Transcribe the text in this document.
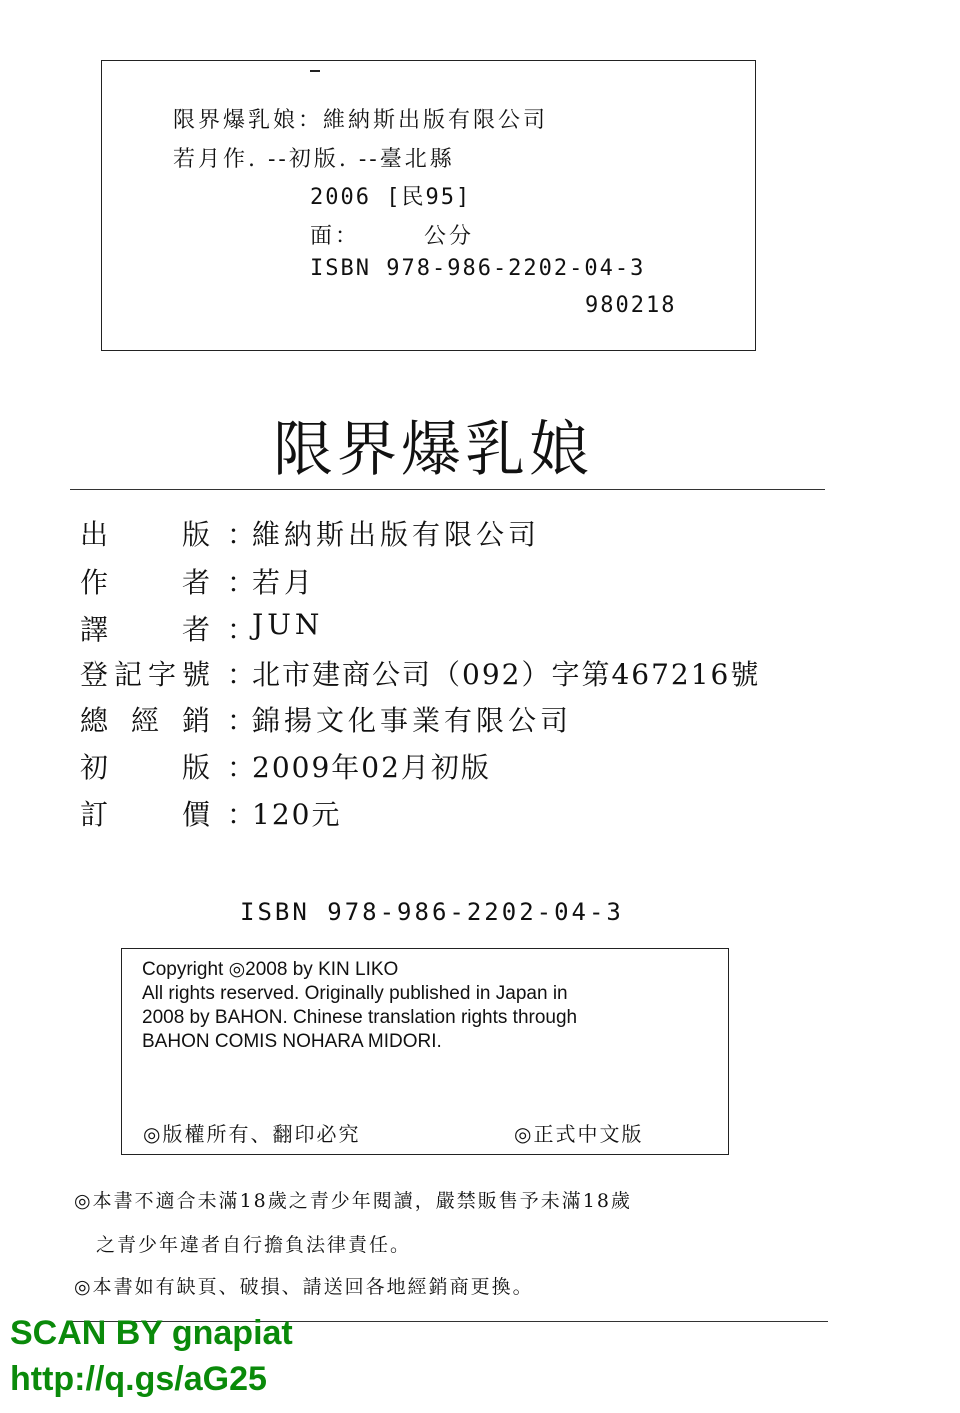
限界爆乳娘：維納斯出版有限公司
若月作. --初版. --臺北縣
2006 [民95]
面：　　　公分
ISBN 978-986-2202-04-3
980218
限界爆乳娘
出	版 ：
維納斯出版有限公司
作	者 ：
若月
譯	者 ：
JUN
登 記 字 號 ：
北市建商公司（092）字第467216號
總 經 銷 ：
錦揚文化事業有限公司
初	版 ：
2009年02月初版
訂	價 ：
120元
ISBN 978-986-2202-04-3
Copyright ◎2008 by KIN LIKO
All rights reserved. Originally published in Japan in
2008 by BAHON. Chinese translation rights through
BAHON COMIS NOHARA MIDORI.
◎版權所有、翻印必究	◎正式中文版
◎本書不適合未滿18歲之青少年閱讀，嚴禁販售予未滿18歲
之青少年違者自行擔負法律責任。
◎本書如有缺頁、破損、請送回各地經銷商更換。
SCAN BY gnapiat
http://q.gs/aG25
